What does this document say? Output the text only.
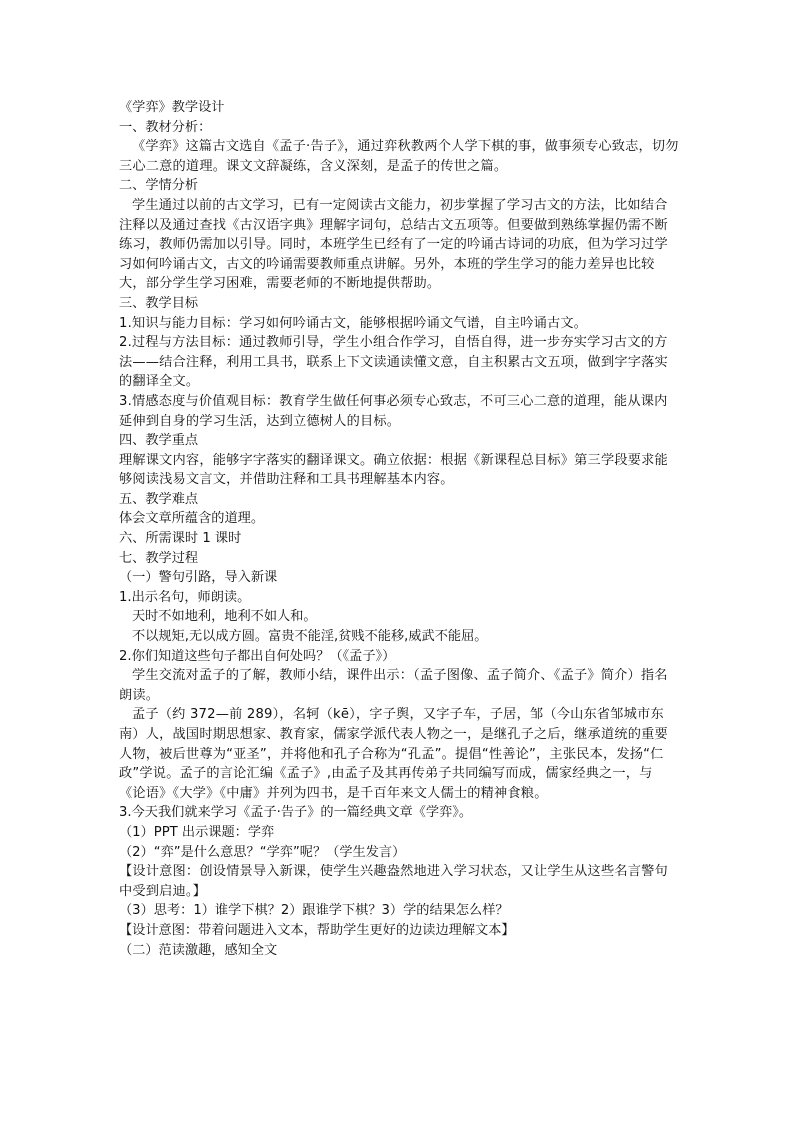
《学弈》教学设计
一、教材分析：
《学弈》这篇古文选自《孟子·告子》，通过弈秋教两个人学下棋的事，做事须专心致志，切勿三心二意的道理。课文文辞凝练，含义深刻，是孟子的传世之篇。
二、学情分析
学生通过以前的古文学习，已有一定阅读古文能力，初步掌握了学习古文的方法，比如结合注释以及通过查找《古汉语字典》理解字词句，总结古文五项等。但要做到熟练掌握仍需不断练习，教师仍需加以引导。同时，本班学生已经有了一定的吟诵古诗词的功底，但为学习过学习如何吟诵古文，古文的吟诵需要教师重点讲解。另外，本班的学生学习的能力差异也比较大，部分学生学习困难，需要老师的不断地提供帮助。
三、教学目标
1.知识与能力目标：学习如何吟诵古文，能够根据吟诵文气谱，自主吟诵古文。
2.过程与方法目标：通过教师引导，学生小组合作学习，自悟自得，进一步夯实学习古文的方法——结合注释，利用工具书，联系上下文读通读懂文意，自主积累古文五项，做到字字落实的翻译全文。
3.情感态度与价值观目标：教育学生做任何事必须专心致志，不可三心二意的道理，能从课内延伸到自身的学习生活，达到立德树人的目标。
四、教学重点
理解课文内容，能够字字落实的翻译课文。确立依据：根据《新课程总目标》第三学段要求能够阅读浅易文言文，并借助注释和工具书理解基本内容。
五、教学难点
体会文章所蕴含的道理。
六、所需课时 1 课时
七、教学过程
（一）警句引路，导入新课
1.出示名句，师朗读。
天时不如地利，地利不如人和。
不以规矩,无以成方圆。富贵不能淫,贫贱不能移,威武不能屈。
2.你们知道这些句子都出自何处吗？（《孟子》）
学生交流对孟子的了解，教师小结，课件出示：（孟子图像、孟子简介、《孟子》简介）指名朗读。
孟子（约 372—前 289），名轲（kē），字子舆，又字子车，子居，邹（今山东省邹城市东南）人，战国时期思想家、教育家，儒家学派代表人物之一，是继孔子之后，继承道统的重要人物，被后世尊为“亚圣”，并将他和孔子合称为“孔孟”。提倡“性善论”，主张民本，发扬“仁政”学说。孟子的言论汇编《孟子》,由孟子及其再传弟子共同编写而成，儒家经典之一，与《论语》《大学》《中庸》并列为四书，是千百年来文人儒士的精神食粮。
3.今天我们就来学习《孟子·告子》的一篇经典文章《学弈》。
（1）PPT 出示课题：学弈
（2）“弈”是什么意思？“学弈”呢？（学生发言）
【设计意图：创设情景导入新课，使学生兴趣盎然地进入学习状态，又让学生从这些名言警句中受到启迪。】
（3）思考：1）谁学下棋？2）跟谁学下棋？3）学的结果怎么样？
【设计意图：带着问题进入文本，帮助学生更好的边读边理解文本】
（二）范读激趣，感知全文
